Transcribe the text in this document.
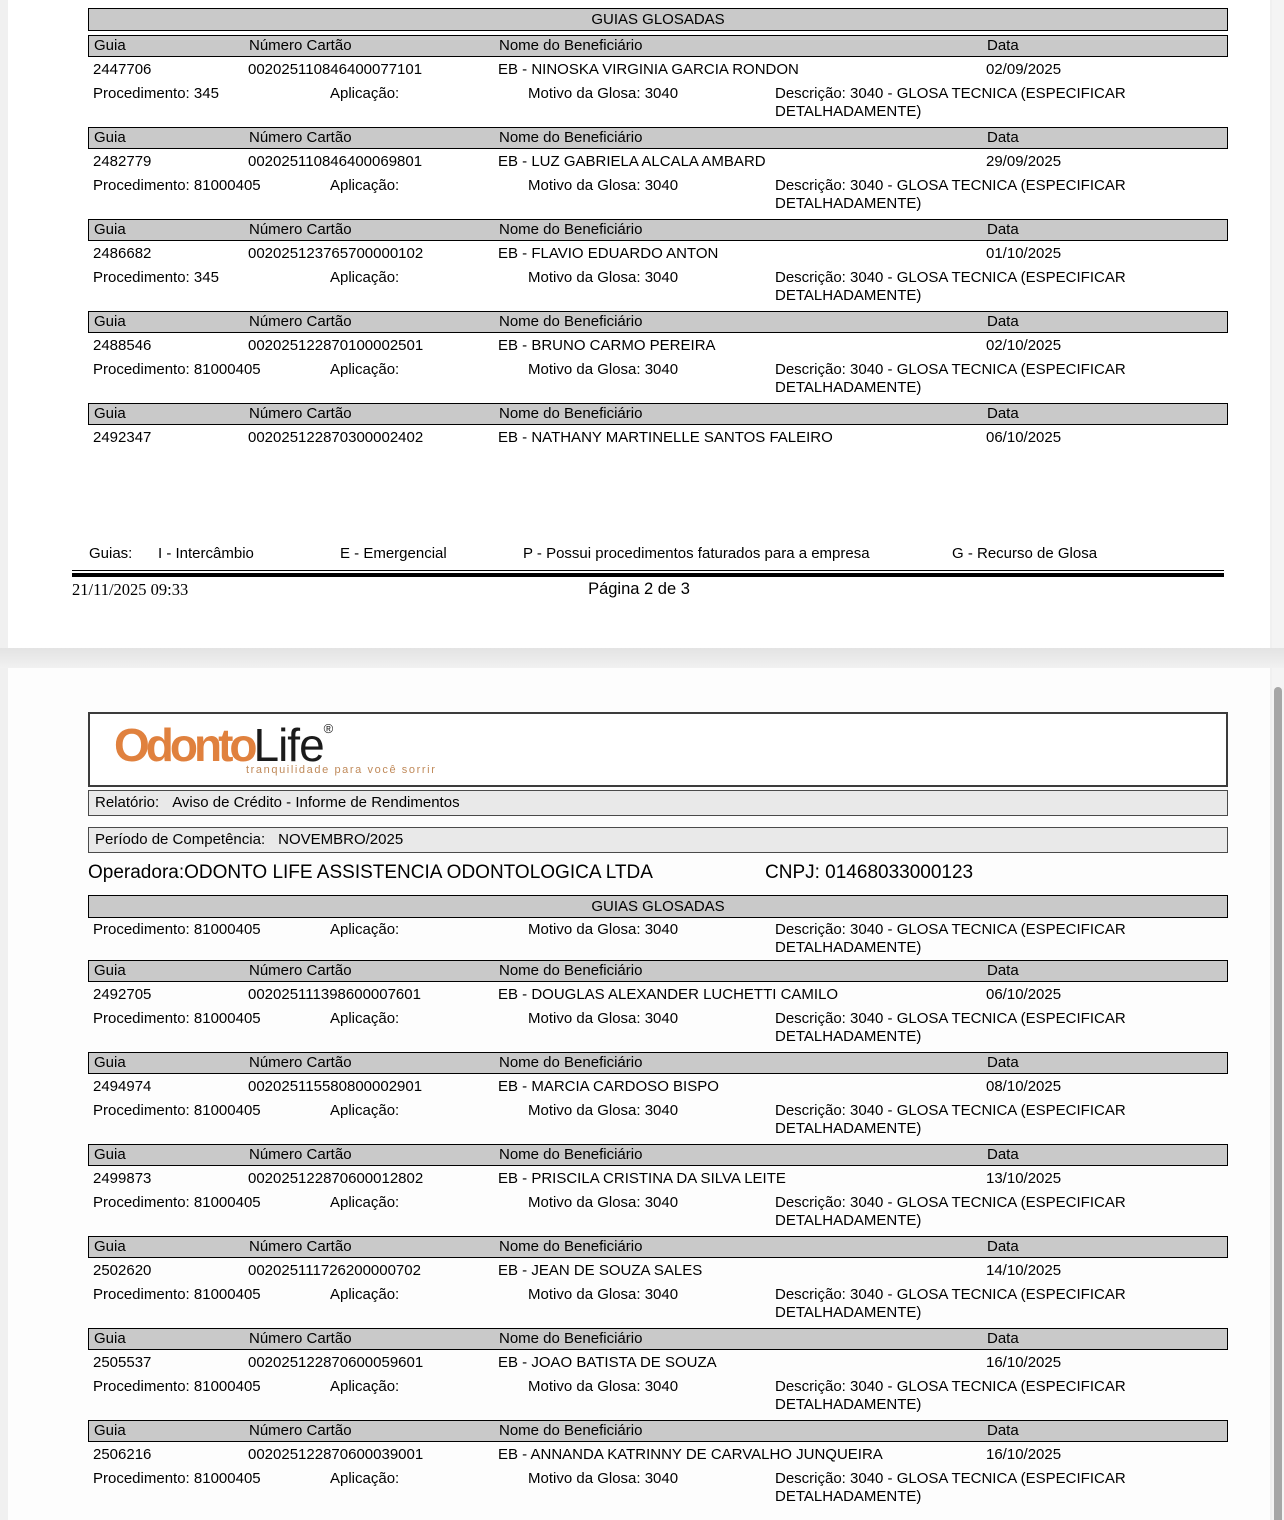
GUIAS GLOSADAS
Guia	Número Cartão	Nome do Beneficiário	Data
2447706	002025110846400077101	EB - NINOSKA VIRGINIA GARCIA RONDON	02/09/2025
Procedimento: 345	Aplicação:	Motivo da Glosa: 3040	Descrição: 3040 - GLOSA TECNICA (ESPECIFICAR DETALHADAMENTE)
Guia	Número Cartão	Nome do Beneficiário	Data
2482779	002025110846400069801	EB - LUZ GABRIELA ALCALA AMBARD	29/09/2025
Procedimento: 81000405	Aplicação:	Motivo da Glosa: 3040	Descrição: 3040 - GLOSA TECNICA (ESPECIFICAR DETALHADAMENTE)
Guia	Número Cartão	Nome do Beneficiário	Data
2486682	002025123765700000102	EB - FLAVIO EDUARDO ANTON	01/10/2025
Procedimento: 345	Aplicação:	Motivo da Glosa: 3040	Descrição: 3040 - GLOSA TECNICA (ESPECIFICAR DETALHADAMENTE)
Guia	Número Cartão	Nome do Beneficiário	Data
2488546	002025122870100002501	EB - BRUNO CARMO PEREIRA	02/10/2025
Procedimento: 81000405	Aplicação:	Motivo da Glosa: 3040	Descrição: 3040 - GLOSA TECNICA (ESPECIFICAR DETALHADAMENTE)
Guia	Número Cartão	Nome do Beneficiário	Data
2492347	002025122870300002402	EB - NATHANY MARTINELLE SANTOS FALEIRO	06/10/2025
Guias: I - Intercâmbio	E - Emergencial	P - Possui procedimentos faturados para a empresa	G - Recurso de Glosa
21/11/2025 09:33	Página 2 de 3
OdontoLife®
tranquilidade para você sorrir
Relatório: Aviso de Crédito - Informe de Rendimentos
Período de Competência: NOVEMBRO/2025
Operadora:ODONTO LIFE ASSISTENCIA ODONTOLOGICA LTDA	CNPJ: 01468033000123
GUIAS GLOSADAS
Procedimento: 81000405	Aplicação:	Motivo da Glosa: 3040	Descrição: 3040 - GLOSA TECNICA (ESPECIFICAR DETALHADAMENTE)
Guia	Número Cartão	Nome do Beneficiário	Data
2492705	002025111398600007601	EB - DOUGLAS ALEXANDER LUCHETTI CAMILO	06/10/2025
Procedimento: 81000405	Aplicação:	Motivo da Glosa: 3040	Descrição: 3040 - GLOSA TECNICA (ESPECIFICAR DETALHADAMENTE)
Guia	Número Cartão	Nome do Beneficiário	Data
2494974	002025115580800002901	EB - MARCIA CARDOSO BISPO	08/10/2025
Procedimento: 81000405	Aplicação:	Motivo da Glosa: 3040	Descrição: 3040 - GLOSA TECNICA (ESPECIFICAR DETALHADAMENTE)
Guia	Número Cartão	Nome do Beneficiário	Data
2499873	002025122870600012802	EB - PRISCILA CRISTINA DA SILVA LEITE	13/10/2025
Procedimento: 81000405	Aplicação:	Motivo da Glosa: 3040	Descrição: 3040 - GLOSA TECNICA (ESPECIFICAR DETALHADAMENTE)
Guia	Número Cartão	Nome do Beneficiário	Data
2502620	002025111726200000702	EB - JEAN DE SOUZA SALES	14/10/2025
Procedimento: 81000405	Aplicação:	Motivo da Glosa: 3040	Descrição: 3040 - GLOSA TECNICA (ESPECIFICAR DETALHADAMENTE)
Guia	Número Cartão	Nome do Beneficiário	Data
2505537	002025122870600059601	EB - JOAO BATISTA DE SOUZA	16/10/2025
Procedimento: 81000405	Aplicação:	Motivo da Glosa: 3040	Descrição: 3040 - GLOSA TECNICA (ESPECIFICAR DETALHADAMENTE)
Guia	Número Cartão	Nome do Beneficiário	Data
2506216	002025122870600039001	EB - ANNANDA KATRINNY DE CARVALHO JUNQUEIRA	16/10/2025
Procedimento: 81000405	Aplicação:	Motivo da Glosa: 3040	Descrição: 3040 - GLOSA TECNICA (ESPECIFICAR DETALHADAMENTE)
